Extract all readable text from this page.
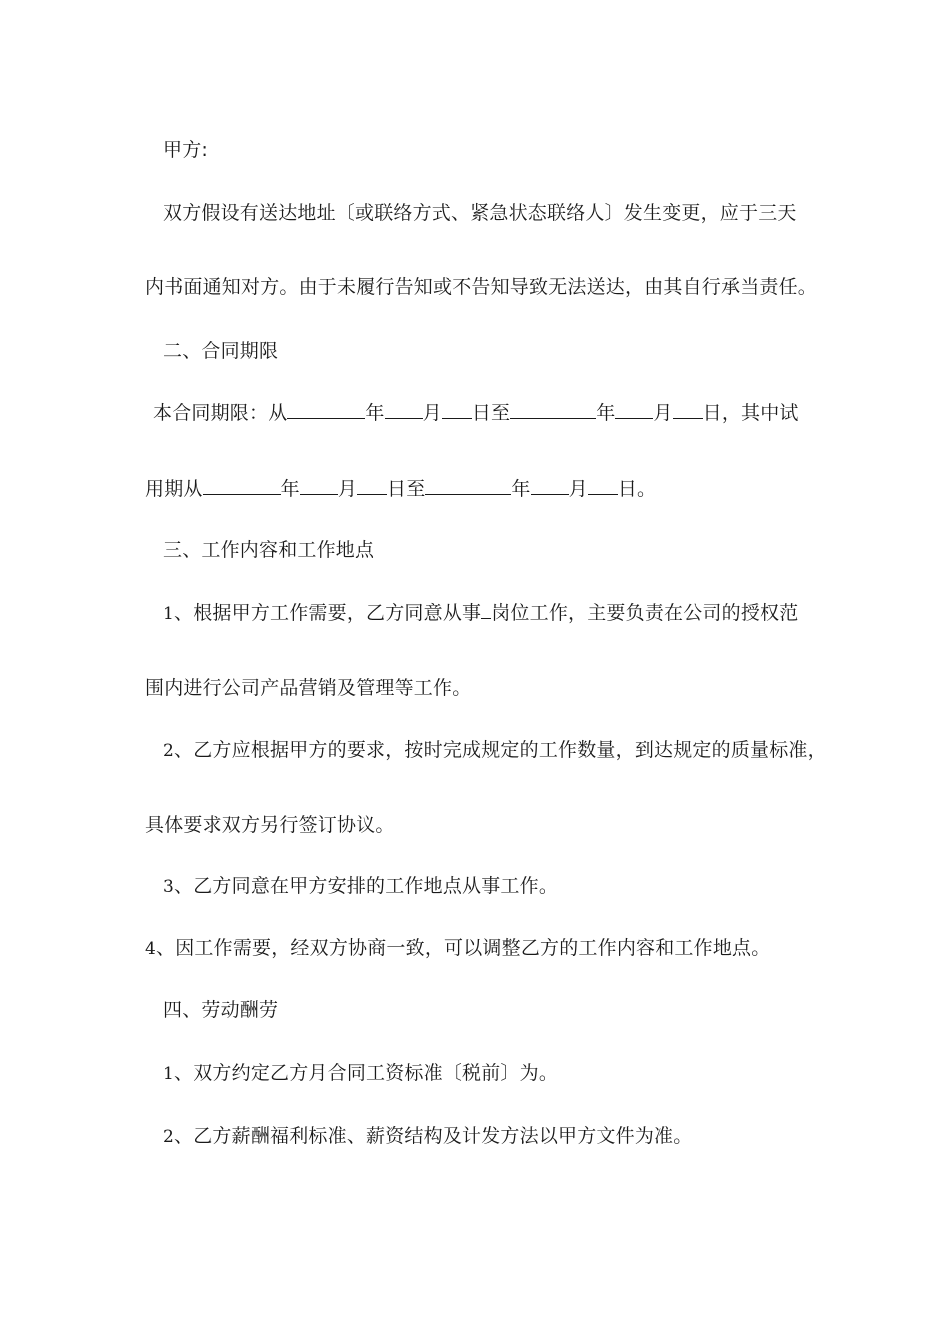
甲方:
双方假设有送达地址〔或联络方式、紧急状态联络人〕发生变更，应于三天
内书面通知对方。由于未履行告知或不告知导致无法送达，由其自行承当责任。
二、合同期限
本合同期限：从	年 月 日至	年 月 日，其中试
用期从	年 月 日至	年 月 日。
三、工作内容和工作地点
1、根据甲方工作需要，乙方同意从事 岗位工作，主要负责在公司的授权范
围内进行公司产品营销及管理等工作。
2、乙方应根据甲方的要求，按时完成规定的工作数量，到达规定的质量标准，
具体要求双方另行签订协议。
3、乙方同意在甲方安排的工作地点从事工作。
4、因工作需要，经双方协商一致，可以调整乙方的工作内容和工作地点。
四、劳动酬劳
1、双方约定乙方月合同工资标准〔税前〕为。
2、乙方薪酬福利标准、薪资结构及计发方法以甲方文件为准。
